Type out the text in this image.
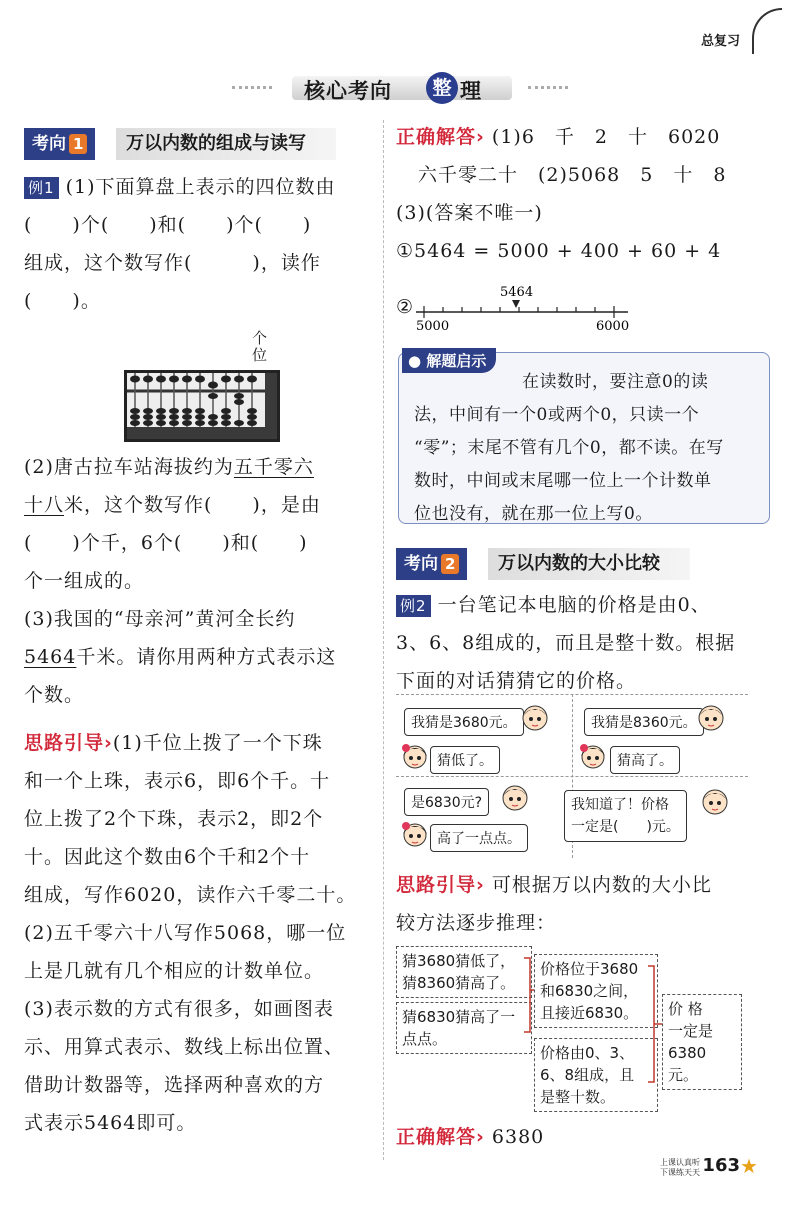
总复习
核心考向	整 理
考向 1	万以内数的组成与读写
例1 (1)下面算盘上表示的四位数由
(　　)个(　　)和(　　)个(　　)
组成，这个数写作(　　　)，读作
(　　)。
个
位
(2)唐古拉车站海拔约为五千零六
十八米，这个数写作(　　)，是由
(　　)个千，6个(　　)和(　　)
个一组成的。
(3)我国的“母亲河”黄河全长约
5464千米。请你用两种方式表示这
个数。
思路引导›(1)千位上拨了一个下珠
和一个上珠，表示6，即6个千。十
位上拨了2个下珠，表示2，即2个
十。因此这个数由6个千和2个十
组成，写作6020，读作六千零二十。
(2)五千零六十八写作5068，哪一位
上是几就有几个相应的计数单位。
(3)表示数的方式有很多，如画图表
示、用算式表示、数线上标出位置、
借助计数器等，选择两种喜欢的方
式表示5464即可。
正确解答› (1)6　千　2　十　6020
六千零二十　(2)5068　5　十　8
(3)(答案不唯一)
①5464 = 5000 + 400 + 60 + 4
②
5464
5000	6000
● 解题启示
在读数时，要注意0的读
法，中间有一个0或两个0，只读一个
“零”；末尾不管有几个0，都不读。在写
数时，中间或末尾哪一位上一个计数单
位也没有，就在那一位上写0。
考向 2	万以内数的大小比较
例2 一台笔记本电脑的价格是由0、
3、6、8组成的，而且是整十数。根据
下面的对话猜猜它的价格。
我猜是3680元。
猜低了。
我猜是8360元。
猜高了。
是6830元?
高了一点点。
我知道了！价格
一定是(　　)元。
思路引导› 可根据万以内数的大小比
较方法逐步推理：
猜3680猜低了，
猜8360猜高了。
猜6830猜高了一
点点。
价格位于3680
和6830之间，
且接近6830。
价格由0、3、
6、8组成，且
是整十数。
价 格
一定是
6380元。
正确解答› 6380
上课认真听
下课练天天 163 ★
